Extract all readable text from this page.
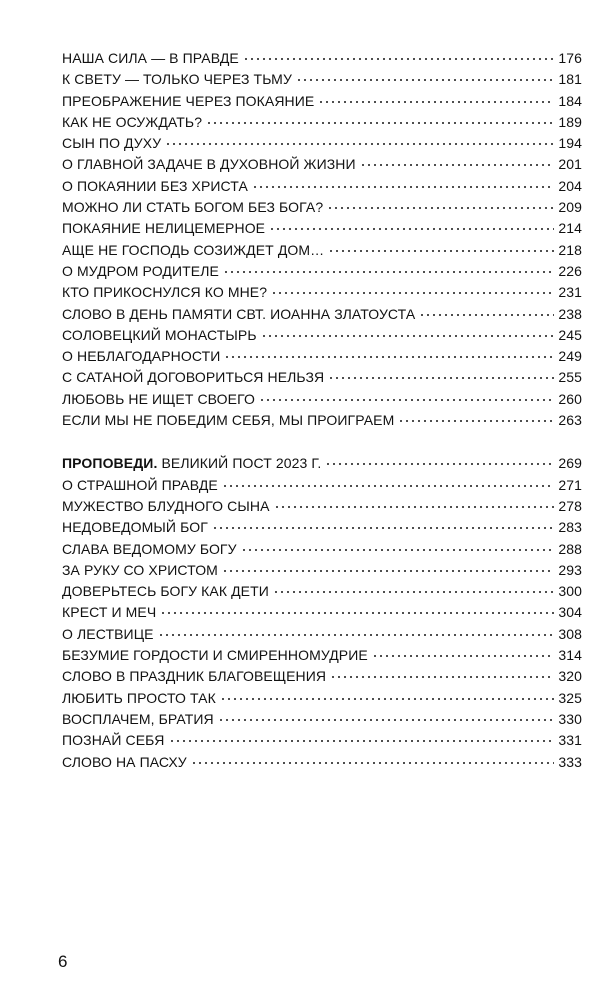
НАША СИЛА — В ПРАВДЕ	176
К СВЕТУ — ТОЛЬКО ЧЕРЕЗ ТЬМУ	181
ПРЕОБРАЖЕНИЕ ЧЕРЕЗ ПОКАЯНИЕ	184
КАК НЕ ОСУЖДАТЬ?	189
СЫН ПО ДУХУ	194
О ГЛАВНОЙ ЗАДАЧЕ В ДУХОВНОЙ ЖИЗНИ	201
О ПОКАЯНИИ БЕЗ ХРИСТА	204
МОЖНО ЛИ СТАТЬ БОГОМ БЕЗ БОГА?	209
ПОКАЯНИЕ НЕЛИЦЕМЕРНОЕ	214
АЩЕ НЕ ГОСПОДЬ СОЗИЖДЕТ ДОМ…	218
О МУДРОМ РОДИТЕЛЕ	226
КТО ПРИКОСНУЛСЯ КО МНЕ?	231
СЛОВО В ДЕНЬ ПАМЯТИ СВТ. ИОАННА ЗЛАТОУСТА	238
СОЛОВЕЦКИЙ МОНАСТЫРЬ	245
О НЕБЛАГОДАРНОСТИ	249
С САТАНОЙ ДОГОВОРИТЬСЯ НЕЛЬЗЯ	255
ЛЮБОВЬ НЕ ИЩЕТ СВОЕГО	260
ЕСЛИ МЫ НЕ ПОБЕДИМ СЕБЯ, МЫ ПРОИГРАЕМ	263
ПРОПОВЕДИ. ВЕЛИКИЙ ПОСТ 2023 Г.	269
О СТРАШНОЙ ПРАВДЕ	271
МУЖЕСТВО БЛУДНОГО СЫНА	278
НЕДОВЕДОМЫЙ БОГ	283
СЛАВА ВЕДОМОМУ БОГУ	288
ЗА РУКУ СО ХРИСТОМ	293
ДОВЕРЬТЕСЬ БОГУ КАК ДЕТИ	300
КРЕСТ И МЕЧ	304
О ЛЕСТВИЦЕ	308
БЕЗУМИЕ ГОРДОСТИ И СМИРЕННОМУДРИЕ	314
СЛОВО В ПРАЗДНИК БЛАГОВЕЩЕНИЯ	320
ЛЮБИТЬ ПРОСТО ТАК	325
ВОСПЛАЧЕМ, БРАТИЯ	330
ПОЗНАЙ СЕБЯ	331
СЛОВО НА ПАСХУ	333
6
